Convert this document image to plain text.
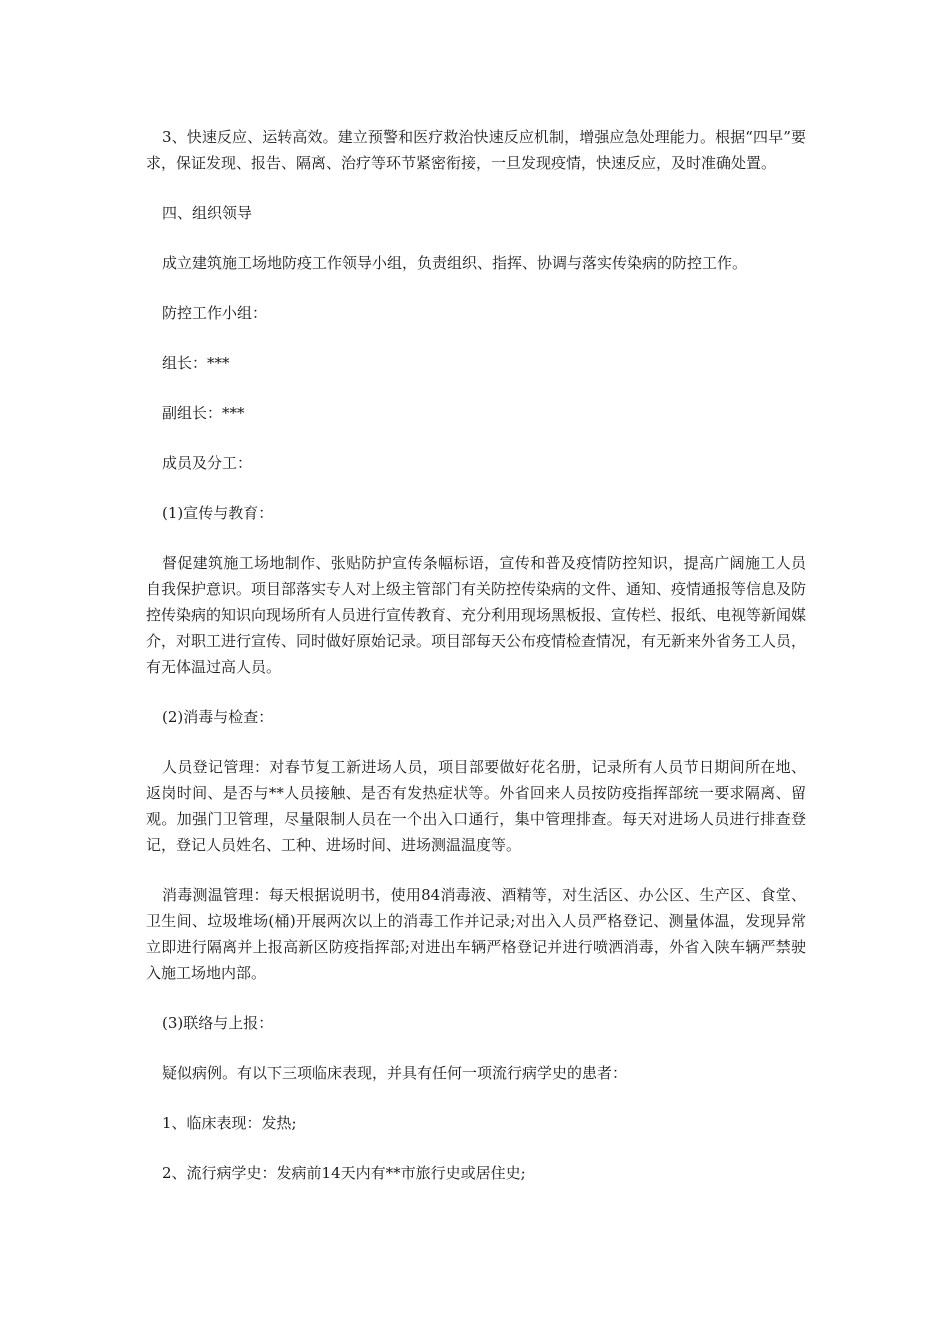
3、快速反应、运转高效。建立预警和医疗救治快速反应机制，增强应急处理能力。根据“四早”要求，保证发现、报告、隔离、治疗等环节紧密衔接，一旦发现疫情，快速反应，及时准确处置。

四、组织领导

成立建筑施工场地防疫工作领导小组，负责组织、指挥、协调与落实传染病的防控工作。

防控工作小组：

组长：***

副组长：***

成员及分工：

(1)宣传与教育：

督促建筑施工场地制作、张贴防护宣传条幅标语，宣传和普及疫情防控知识，提高广阔施工人员自我保护意识。项目部落实专人对上级主管部门有关防控传染病的文件、通知、疫情通报等信息及防控传染病的知识向现场所有人员进行宣传教育、充分利用现场黑板报、宣传栏、报纸、电视等新闻媒介，对职工进行宣传、同时做好原始记录。项目部每天公布疫情检查情况，有无新来外省务工人员，有无体温过高人员。

(2)消毒与检查：

人员登记管理：对春节复工新进场人员，项目部要做好花名册，记录所有人员节日期间所在地、返岗时间、是否与**人员接触、是否有发热症状等。外省回来人员按防疫指挥部统一要求隔离、留观。加强门卫管理，尽量限制人员在一个出入口通行，集中管理排查。每天对进场人员进行排查登记，登记人员姓名、工种、进场时间、进场测温温度等。

消毒测温管理：每天根据说明书，使用84消毒液、酒精等，对生活区、办公区、生产区、食堂、卫生间、垃圾堆场(桶)开展两次以上的消毒工作并记录;对出入人员严格登记、测量体温，发现异常立即进行隔离并上报高新区防疫指挥部;对进出车辆严格登记并进行喷洒消毒，外省入陕车辆严禁驶入施工场地内部。

(3)联络与上报：

疑似病例。有以下三项临床表现，并具有任何一项流行病学史的患者：

1、临床表现：发热;

2、流行病学史：发病前14天内有**市旅行史或居住史;
